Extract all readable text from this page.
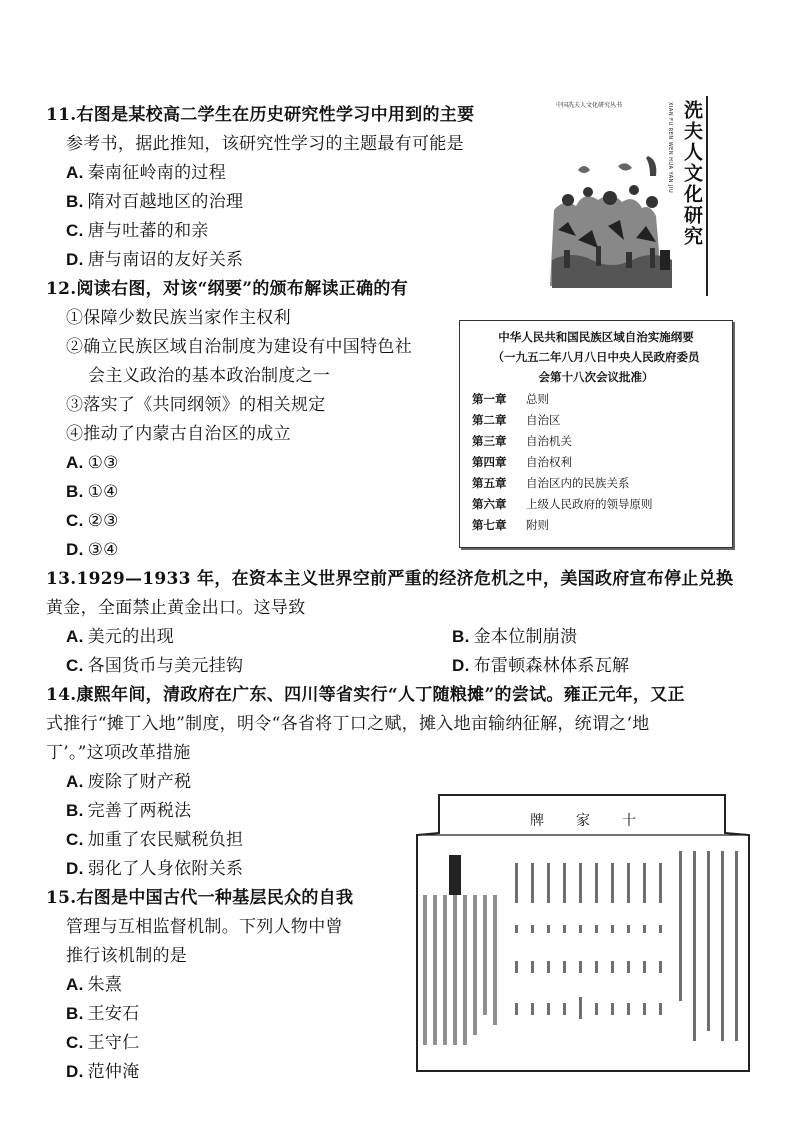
11.右图是某校高二学生在历史研究性学习中用到的主要
参考书，据此推知，该研究性学习的主题最有可能是
A. 秦南征岭南的过程
B. 隋对百越地区的治理
C. 唐与吐蕃的和亲
D. 唐与南诏的友好关系
中国冼夫人文化研究丛书	XIAN FU REN WEN HUA YAN JIU 洗夫人文化研究
12.阅读右图，对该“纲要”的颁布解读正确的有
①保障少数民族当家作主权利
②确立民族区域自治制度为建设有中国特色社
会主义政治的基本政治制度之一
③落实了《共同纲领》的相关规定
④推动了内蒙古自治区的成立
A. ①③
B. ①④
C. ②③
D. ③④
中华人民共和国民族区域自治实施纲要
（一九五二年八月八日中央人民政府委员
会第十八次会议批准）
第一章 总则
第二章 自治区
第三章 自治机关
第四章 自治权利
第五章 自治区内的民族关系
第六章 上级人民政府的领导原则
第七章 附则
13.1929—1933 年，在资本主义世界空前严重的经济危机之中，美国政府宣布停止兑换
黄金，全面禁止黄金出口。这导致
A. 美元的出现	B. 金本位制崩溃
C. 各国货币与美元挂钩	D. 布雷顿森林体系瓦解
14.康熙年间，清政府在广东、四川等省实行“人丁随粮摊”的尝试。雍正元年，又正
式推行“摊丁入地”制度，明令“各省将丁口之赋，摊入地亩输纳征解，统谓之‘地
丁’。”这项改革措施
A. 废除了财产税
B. 完善了两税法
C. 加重了农民赋税负担
D. 弱化了人身依附关系
15.右图是中国古代一种基层民众的自我
管理与互相监督机制。下列人物中曾
推行该机制的是
A. 朱熹
B. 王安石
C. 王守仁
D. 范仲淹
牌家十
